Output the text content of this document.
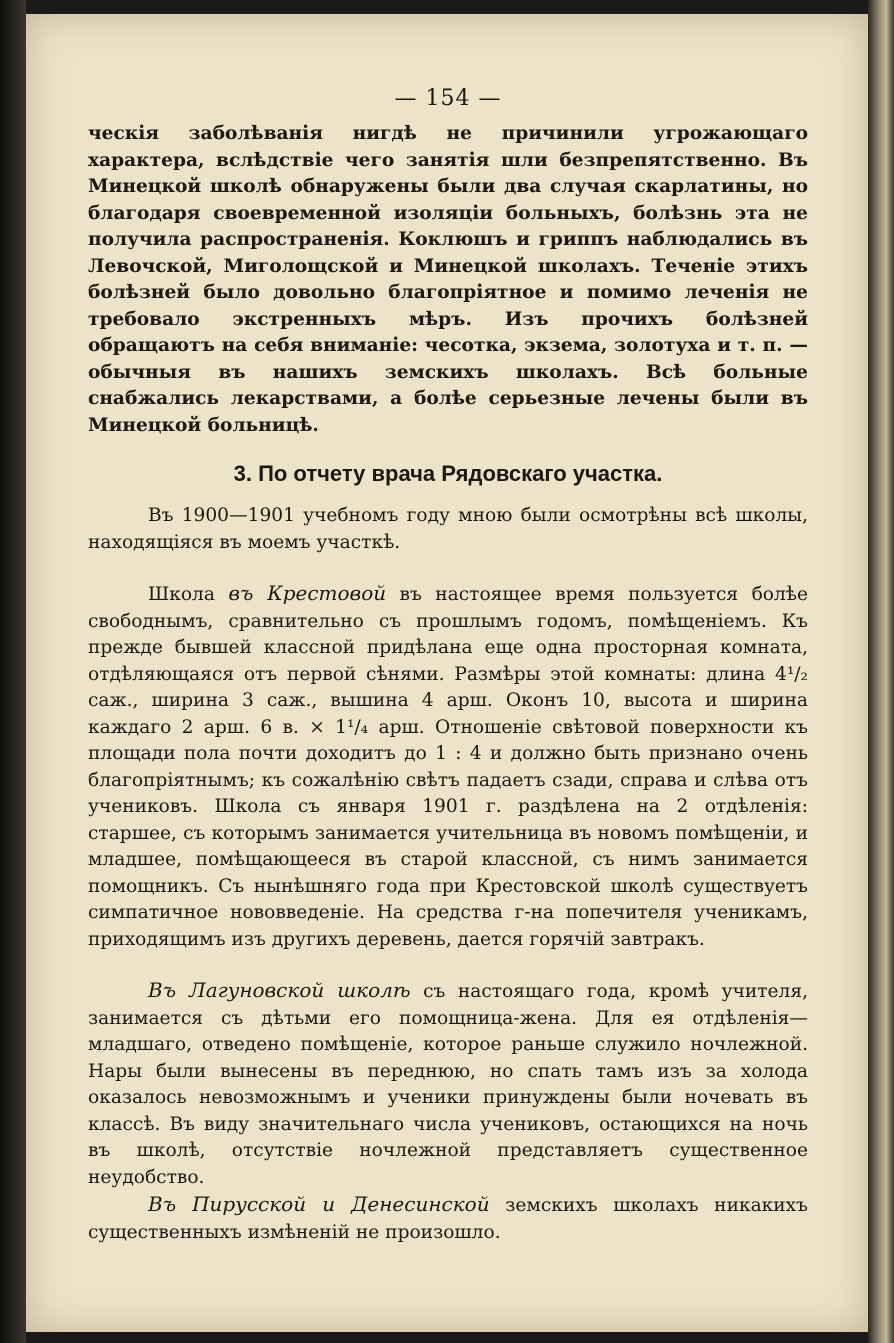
— 154 —

ческія заболѣванія нигдѣ не причинили угрожающаго характера, вслѣдствіе чего занятія шли безпрепятственно. Въ Минецкой школѣ обнаружены были два случая скарлатины, но благодаря своевременной изоляціи больныхъ, болѣзнь эта не получила распространенія. Коклюшъ и гриппъ наблюдались въ Левочской, Миголощской и Минецкой школахъ. Теченіе этихъ болѣзней было довольно благопріятное и помимо леченія не требовало экстренныхъ мѣръ. Изъ прочихъ болѣзней обращаютъ на себя вниманіе: чесотка, экзема, золотуха и т. п. — обычныя въ нашихъ земскихъ школахъ. Всѣ больные снабжались лекарствами, а болѣе серьезные лечены были въ Минецкой больницѣ.

3. По отчету врача Рядовскаго участка.

Въ 1900—1901 учебномъ году мною были осмотрѣны всѣ школы, находящіяся въ моемъ участкѣ.

Школа въ Крестовой въ настоящее время пользуется болѣе свободнымъ, сравнительно съ прошлымъ годомъ, помѣщеніемъ. Къ прежде бывшей классной придѣлана еще одна просторная комната, отдѣляющаяся отъ первой сѣнями. Размѣры этой комнаты: длина 4¹/₂ саж., ширина 3 саж., вышина 4 арш. Оконъ 10, высота и ширина каждаго 2 арш. 6 в. × 1¹/₄ арш. Отношеніе свѣтовой поверхности къ площади пола почти доходитъ до 1 : 4 и должно быть признано очень благопріятнымъ; къ сожалѣнію свѣтъ падаетъ сзади, справа и слѣва отъ учениковъ. Школа съ января 1901 г. раздѣлена на 2 отдѣленія: старшее, съ которымъ занимается учительница въ новомъ помѣщеніи, и младшее, помѣщающееся въ старой классной, съ нимъ занимается помощникъ. Съ нынѣшняго года при Крестовской школѣ существуетъ симпатичное нововведеніе. На средства г-на попечителя ученикамъ, приходящимъ изъ другихъ деревень, дается горячій завтракъ.

Въ Лагуновской школѣ съ настоящаго года, кромѣ учителя, занимается съ дѣтьми его помощница-жена. Для ея отдѣленія—младшаго, отведено помѣщеніе, которое раньше служило ночлежной. Нары были вынесены въ переднюю, но спать тамъ изъ за холода оказалось невозможнымъ и ученики принуждены были ночевать въ классѣ. Въ виду значительнаго числа учениковъ, остающихся на ночь въ школѣ, отсутствіе ночлежной представляетъ существенное неудобство.

Въ Пирусской и Денесинской земскихъ школахъ никакихъ существенныхъ измѣненій не произошло.
